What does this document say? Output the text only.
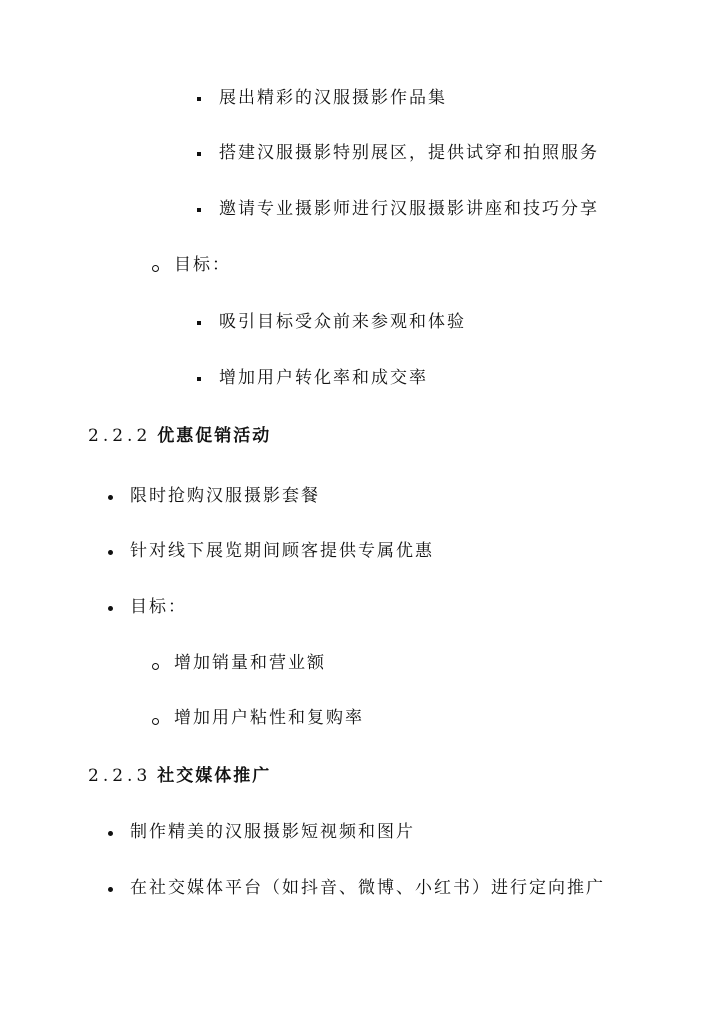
展出精彩的汉服摄影作品集
搭建汉服摄影特别展区，提供试穿和拍照服务
邀请专业摄影师进行汉服摄影讲座和技巧分享
目标：
吸引目标受众前来参观和体验
增加用户转化率和成交率
2.2.2 优惠促销活动
限时抢购汉服摄影套餐
针对线下展览期间顾客提供专属优惠
目标：
增加销量和营业额
增加用户粘性和复购率
2.2.3 社交媒体推广
制作精美的汉服摄影短视频和图片
在社交媒体平台（如抖音、微博、小红书）进行定向推广
